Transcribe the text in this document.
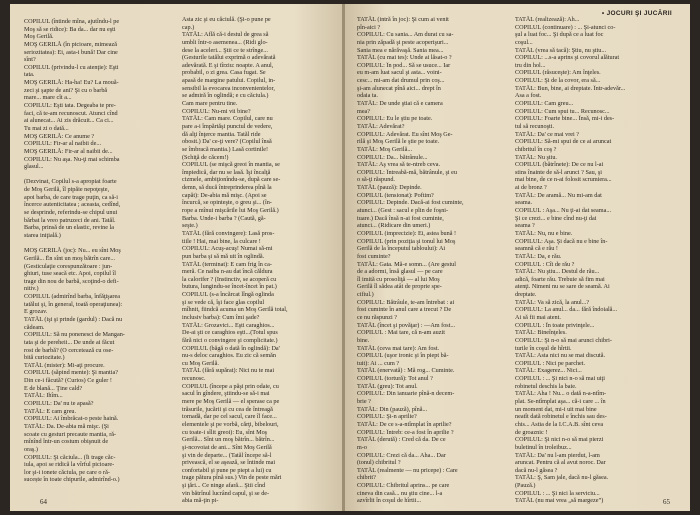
COPILUL (întinde mîna, ajutîndu-l pe
Moş să se ridice): Ba da... dar nu eşti
Moş Gerilă.
MOŞ GERILĂ (în picioare, mimează
seriozitatea): Ei, asta-i bună! Dar cine
sînt?
COPILUL (privindu-l cu atenţie): Eşti
tata.
MOŞ GERILĂ: Ha-ha! Eu? La mouă-
zeci şi şapte de ani? Şi cu o barbă
mare... mare cît a...
COPILUL: Eşti tata. Degeaba te pre-
faci, că te-am recunoscut. Atunci cînd
ai alunecat... Ai zis drăcuit... Ca ci...
Tu mai zi o dată...
MOŞ GERILĂ: Ce anume ?
COPILUL: Fir-ar al naibii de...
MOŞ GERILĂ: Fir-ar al naibii de...
COPILUL: Nu aşa. Nu-ţi mai schimba
glasul...
(Dezvinat, Copilul s-a apropiat foarte
de Moş Gerilă, îl pipăie nepoţeşte,
apoi barba, de care trage puţin, ca să-i
încerce autenticitatea ; aceasta, cedînd,
se desprinde, referindu-se chipul unui
bărbat la vreo patruzeci de ani. Tatăl.
Barba, prinsă de un elastic, revine la
starea iniţială.)
MOŞ GERILĂ (joc): Nu... eu sînt Moş
Gerilă... Ēn sînt un moş bătrîn care...
(Gesticulaţie corespunzătoare : jun-
ghiuri, tuse seacă etc. Apoi, copilul îl
trage din nou de barbă, scoţind-o defi-
nitiv.)
COPILUL (admirînd barba, înfăţişarea
tatălui şi, în general, toată operaţiunea):
E grozav.
TATĂL (işi şi prinde (gardul) : Dacă nu
cădeam.
COPILUL: Să nu ponenesci de Mangan-
tata şi de pereheii... De unde ai făcut
rost de barbă? (O cercetează cu ose-
bită curiozitate.)
TATĂL (mister): Mi-aţi procure.
COPILUL (săpind mente): Şi mantia?
Din ce-i făcută? (Curios) Ce guler !
E de blană... Ţine cald?
TATĂL: Ihîm...
COPILUL: Da' nu te apasă?
TATĂL: E cam greu.
COPILUL: Ai îmbrăcat-o peste haină.
TATĂL: Da. De-abia mă mişc. (Şi
scoate cu gesturi precaute mantia, ră-
mînînd într-un costum obişnuit de
oraş.)
COPILUL: Şi căciula... (Îi trage căc-
iula, apoi se ridică la vîrful picioare-
lor şi-i ionete căciula, pe care o ră-
sucește în toate chipurile, admirînd-o.)
Asta zic şi eu căciulă. (Şi-o pune pe
cap.)
TATĂL: Află că-i destul de grea să
umbli într-o asemenea... (Ridi glo-
dese la aceleri... Ştii ce te strînge...
(Gesturile tatălui exprimă o adevărată
adevărată. E şi tîrziu: noapte. A anul,
probabil, o zi grea. Casa fugat. Se
apasă de margine patului. Copilul, in-
sensibil la evocarea inconvenientelor,
se admiră în oglindă; e cu căciula.)
Cam mare pentru tine.
COPILUL: Nu-mi vii bine?
TATĂL: Cam mare. Copilul, care nu
pare a-i împărtăşi punctul de vedere,
dă alţi înţerce mantia. Tatăl ride
obosit.) Da' ce-ţi vere? (Copilul însă
se îmbracă mantia.) Lasă cortinile!
(Schiţă de căcem!)
COPILUL (se mişcă greoi în mantia, se
împiedică, dar nu se lasă. Îşi încalţă
cizmele, ambiţionîndu-se, după care se-
demn, să ducă întreprinderea pînă la
capăt): De-abia mă mişc. (Apoi se
încurcă, se opinteşte, o greu şi... (în-
rope a mînui mişcările lui Moş Gerilă.)
Barba. Unde-i barba ? (Caută, gă-
seşte.)
TATĂL (fără convingere): Lasă pros-
tiile ! Hai, mai bine, la culcare !
COPILUL: Acuş-acuş! Numai să-mi
pun barba şi să mă uit în oglindă.
TATĂL (terminat): E cam frig în ca-
meră. Ce naiba n-au dat încă căldura
la calorifer ? (Instinctiv, se acoperă cu
butura, lungindu-se încet-încet în pat.)
COPILUL (s-a încărcat lîngă oglinda
şi se vede că, îşi face glas copilul
mîhnit, fiindcă acuma un Moş Gerilă total,
inclusiv barba): Cum îmi şade?
TATĂL: Grozavici... Eşti caraghios...
De-ai şti ce caraghios eşti...(Totul spus
fără nici o convingere şi complicitate.)
COPILUL (băgă o dată în oglindă): Da'
nu-s deloc caraghios. Eu zic că semăn
cu Moş Gerilă.
TATĂL (fără supărat): Nici nu te mai
recunosc.
COPILUL (începe a păşi prin odaie, cu
sacul în gîndere, ştiindu-se să-i mai
mere pe Moş Gerilă — el sperase ca pe
trăsurile, jucării şi cu cea de întreagă
tornadă, dar pe cel sacul, care îl face...
elementele şi pe vorbă, cărţi, bibelouri,
cu toate-i sîlit greoi): Eu, sînt Moş
Gerilă... Sînt un moş bătrîn... bătrîn...
şi-ncovoiat de ani... Sînt Moş Gerilă
şi vin de departe... (Tatăl începe să-l
privească, el se aşează, se întinde mai
confortabil şi pune pe piept a lui) cu
trage pătura pînă sus.) Vin de peste mări
şi ţări... Ce ninge afară... Ştii cînd
vin bătrînul lucrând capul, şi se de-
abia mă-ţin pi-
64
• JOCURI ŞI JUCĂRII
TATĂL (intră în joc): Şi cum ai venit
pîn-aici ?
COPILUL: Cu sania... Am durat cu sa-
nia prin zăpadă şi peste acoperişuri...
Sania mea e nărăvaşă. Sania mea...
TATĂL (cu mai tes): Unde ai lăsat-o ?
COPILUL: În pod... Să se usuce... Iar
eu m-am luat sacul şi asta... voini-
cesc... mi-am dat drumul prin coş...
şi-am alunecat pînă aici... drept în
odaia ta.
TATĂL: De unde ştiai că e camera
mea?
COPILUL: Eu le ştiu pe toate.
TATĂL: Adevărat?
COPILUL: Adevărat. Eu sînt Moş Ge-
rilă şi Moş Gerilă le ştie pe toate.
TATĂL: Moş Gerilă...
COPILUL: Da... bătrânule...
TATĂL: Aş vrea să te-ntreb ceva.
COPILUL: Întreabă-mă, bătrânule, şi eu
o să-ţi răspund.
TATĂL (pauză): Depinde.
COPILUL (tensionat): Poftim?
COPILUL: Depinde. Dacă-ai fost cuminte,
atunci... (Gest : sacul e plin de foşni-
tuare.) Dacă însă n-ai fost cuminte,
atunci... (Ridicare din umeri.)
COPILUL (imprecizie): Ei, astea bună !
COPILUL (prin poziţia şi tonul lui Moş
Gerilă de la începutul tabloului): Ai
fost cuminte?
TATĂL: Gata. Mă-e somn... (Are gestul
de a adormi, însă glasul — pe care
îl imită cu prosoliţă — al lui Moş
Gerilă îl sădea atât de proprie spe-
cifiul.)
COPILUL: Bătrâule, te-am întrebat : ai
fost cuminte în anul care a trecut ? De
ce nu răspunzi ?
TATĂL (încet şi povăţar) : —Am fost...
COPILUL : Mai tare, că n-am auzit
bine.
TATĂL (ceva mai tare): Am fost.
COPILUL (uşor ironic şi în piept bă-
tuit): Ai ... cum ?
TATĂL (enervată) : Mă rog... Cuminte.
COPILUL (tortură): Tot anul ?
TATĂL (greu): Tot anul.
COPILUL: Din ianuarie pînă-n decem-
brie ?
TATĂL: Din (pauză), pînă...
COPILUL: Şi-n aprilie?
TATĂL: De ce s-a-ntîmplat în aprilie?
COPILUL: Întreb: ce-a fost în aprilie ?
TATĂL (derută) : Cred că da. De ce
m-o
COPILUL: Crezi că da... Aha... Dar
(tonul) chibritul ?
TATĂL (realmente — nu pricepe) : Care
chibrit?
COPILUL: Chibritul aprins... pe care
cineva din casă... nu ştiu cine... l-a
azvîrlit în coşul de hîrtii...
TATĂL (realizează): Ah...
COPILUL (continuare) : ... Şi-atunci co-
şul a luat foc... Şi după ce a luat foc
coşul...
TATĂL (vrea să tacă): Ştiu, nu ştiu...
COPILUL: ...s-a aprins şi covorul alăturat
tru din hol...
COPILUL (răsuceşte): Am înţeles.
COPILUL: Şi de la covor, era să...
TATĂL: Bun, bine, ai dreptate. Într-adevăr...
Asa a fost.
COPILUL: Cam greu...
COPILUL: Cum spui tu... Recunosc...
COPILUL: Foarte bine... Însă, mi-i des-
tul să recunoşti.
TATĂL: Da' ce mai vrei ?
COPILUL: Să-mi spui de ce ai aruncat
chibritul în coş ?
TATĂL: Nu ştiu.
COPILUL (bătrînete): De ce nu l-ai
stins înainte de să-l arunci ? Sau, şi
mai bine, de ce n-ai folosit scrumiera...
ai de bronz ?
TATĂL: De aramă... Nu mi-am dat
seama.
COPILUL : Aşa... Nu ţi-ai dat seama...
Şi ce crezi... e bine cînd nu-ţi dai
seama ?
TATĂL: Nu, nu e bine.
COPILUL: Aşa. Şi dacă nu e bine în-
seamnă că e rău !
TATĂL: Da, e rău.
COPILUL : Cît de rău ?
TATĂL: Nu ştiu... Destul de rău...
adică, foarte rău. Trebuie să fim mai
atenţi. Nimeni nu se sare de seamă. Ai
dreptate.
TATĂL: Va să zică, la anul...?
COPILUL: La anul... da... fără îndoială...
Ai să fii mai atent.
COPILUL : În toate privinţele...
TATĂL: Bineînţeles.
COPILUL: Şi n-o să mai arunci chibri-
turile în coşul de hîrtii.
TATĂL: Asta nici nu se mai discută.
COPILUL : Nici pe parchet.
TATĂL: Exagerez... Nici...
COPILUL : ... Şi nici n-o să mai uiţi
robinetul deschis la baie.
TATĂL: Aha ! Nu... o dată n-a-ntîm-
plat. Se-ntîmplat aşa... că-i care ... în
un moment dat, mi-i uit mai bine
neatît dată robinetul e închis sau des-
chis... Astia de la I.C.A.B. sînt ceva
de groaznic !
COPILUL: Şi nici n-o să mai pierzi
buletinul în troleibuz...
TATĂL: Da' nu l-am pierdut, l-am
aruncat. Pentru că al avut noroc. Dar
dacă nu-l găsea ?
TATĂL: Ş, Sam jale, dacă nu-l găsea.
(Pauză.)
COPILUL : ... Şi nici la serviciu...
TATĂL (nu mai vrea „să margeze”)	65
